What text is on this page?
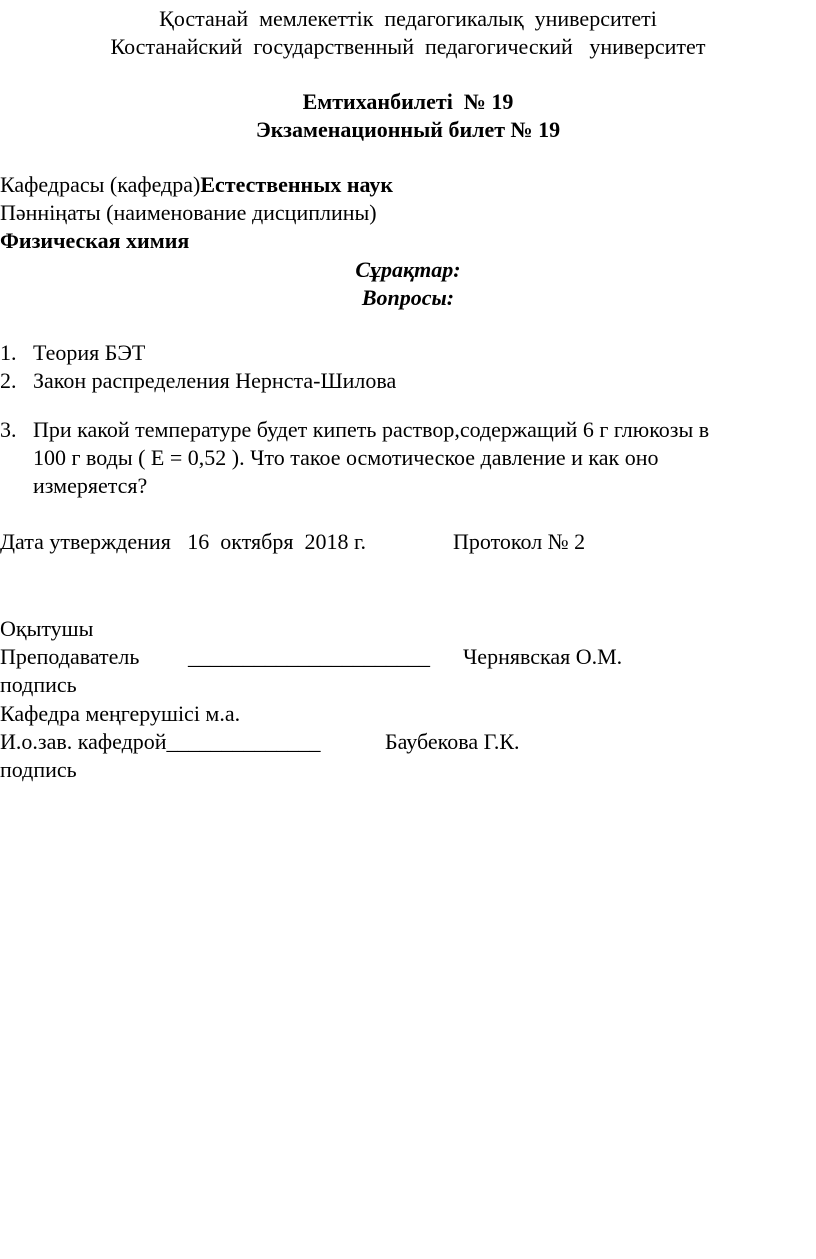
Қостанай  мемлекеттік  педагогикалық  университеті
Костанайский  государственный  педагогический   университет
Емтиханбилеті  № 19
Экзаменационный билет № 19
Кафедрасы (кафедра)Естественных наук
Пәннiңаты (наименование дисциплины)
Физическая химия
Сұрақтар:
Вопросы:
1. Теория БЭТ
2. Закон распределения Нернста-Шилова
3. При какой температуре будет кипеть раствор,содержащий 6 г глюкозы в
100 г воды ( E = 0,52 ). Что такое осмотическое давление и как оно
измеряется?
Дата утверждения   16  октября  2018 г.	Протокол № 2
Оқытушы
Преподаватель ______________________ Чернявская О.М.
подпись
Кафедра меңгерушісі м.а.
И.о.зав. кафедрой______________	Баубекова Г.К.
подпись
